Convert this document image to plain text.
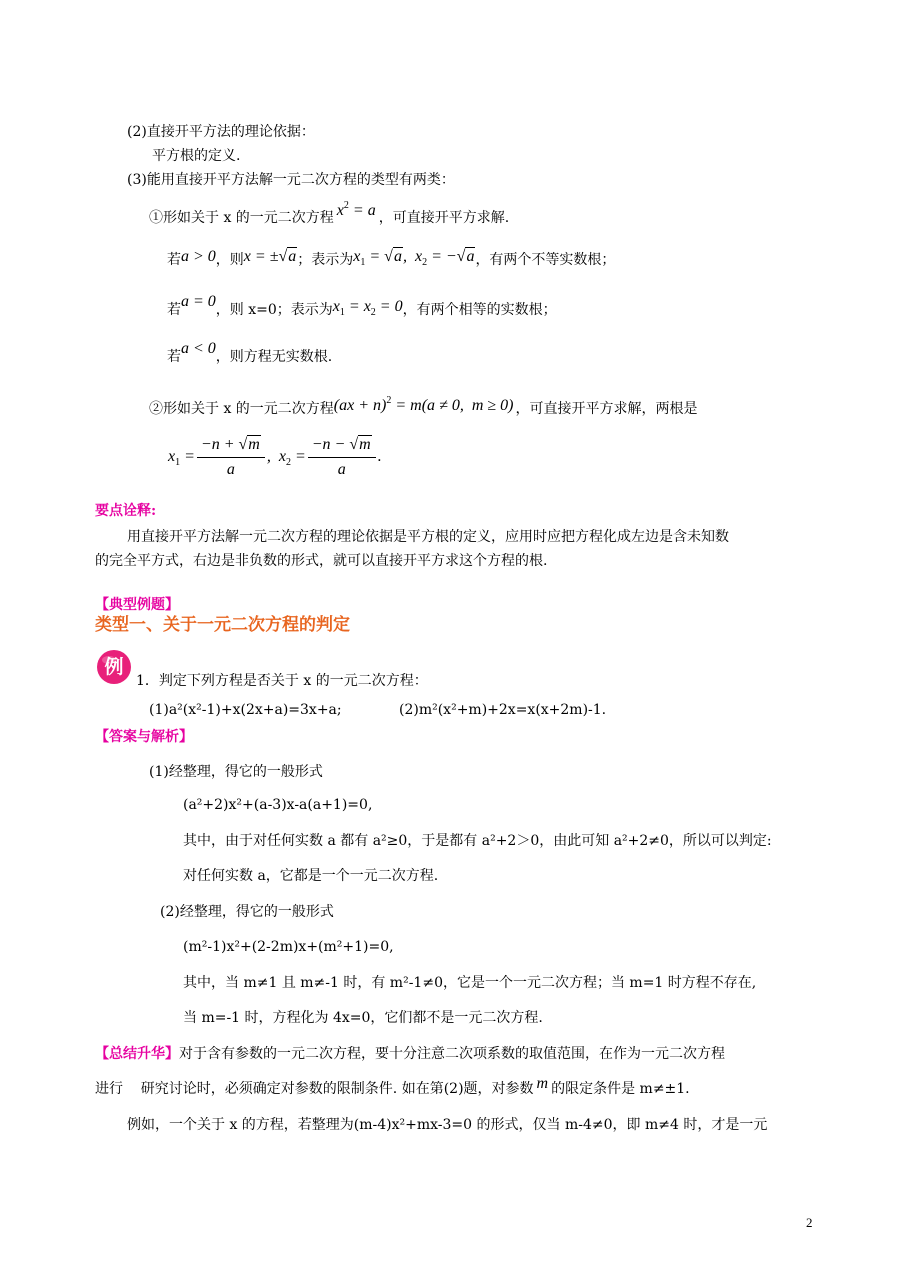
(2)直接开平方法的理论依据：
平方根的定义.
(3)能用直接开平方法解一元二次方程的类型有两类：
①形如关于 x 的一元二次方程 $x^2 = a$ ，可直接开平方求解.
若a > 0，则x = ±√a；表示为$x_1 = √a$,  $x_2 = -√a$，有两个不等实数根；
若a = 0，则 x=0；表示为$x_1 = x_2 = 0$，有两个相等的实数根；
若a < 0，则方程无实数根.
②形如关于 x 的一元二次方程(ax + n)$^2$ = m(a ≠ 0,  m ≥ 0) ，可直接开平方求解，两根是
$x_1 = \frac{-n + √m}{a}$ ,  $x_2 = \frac{-n - √m}{a}$ .
要点诠释:
用直接开平方法解一元二次方程的理论依据是平方根的定义，应用时应把方程化成左边是含未知数
的完全平方式，右边是非负数的形式，就可以直接开平方求这个方程的根.
【典型例题】
类型一、关于一元二次方程的判定
例
1．判定下列方程是否关于 x 的一元二次方程：
(1)a²(x²-1)+x(2x+a)=3x+a;	(2)m²(x²+m)+2x=x(x+2m)-1.
【答案与解析】
(1)经整理，得它的一般形式
(a²+2)x²+(a-3)x-a(a+1)=0,
其中，由于对任何实数 a 都有 a²≥0，于是都有 a²+2＞0，由此可知 a²+2≠0，所以可以判定:
对任何实数 a，它都是一个一元二次方程.
(2)经整理，得它的一般形式
(m²-1)x²+(2-2m)x+(m²+1)=0,
其中，当 m≠1 且 m≠-1 时，有 m²-1≠0，它是一个一元二次方程；当 m=1 时方程不存在,
当 m=-1 时，方程化为 4x=0，它们都不是一元二次方程.
【总结升华】对于含有参数的一元二次方程，要十分注意二次项系数的取值范围，在作为一元二次方程
进行    研究讨论时，必须确定对参数的限制条件. 如在第(2)题，对参数 m 的限定条件是 m≠±1.
例如，一个关于 x 的方程，若整理为(m-4)x²+mx-3=0 的形式，仅当 m-4≠0，即 m≠4 时，才是一元
2
